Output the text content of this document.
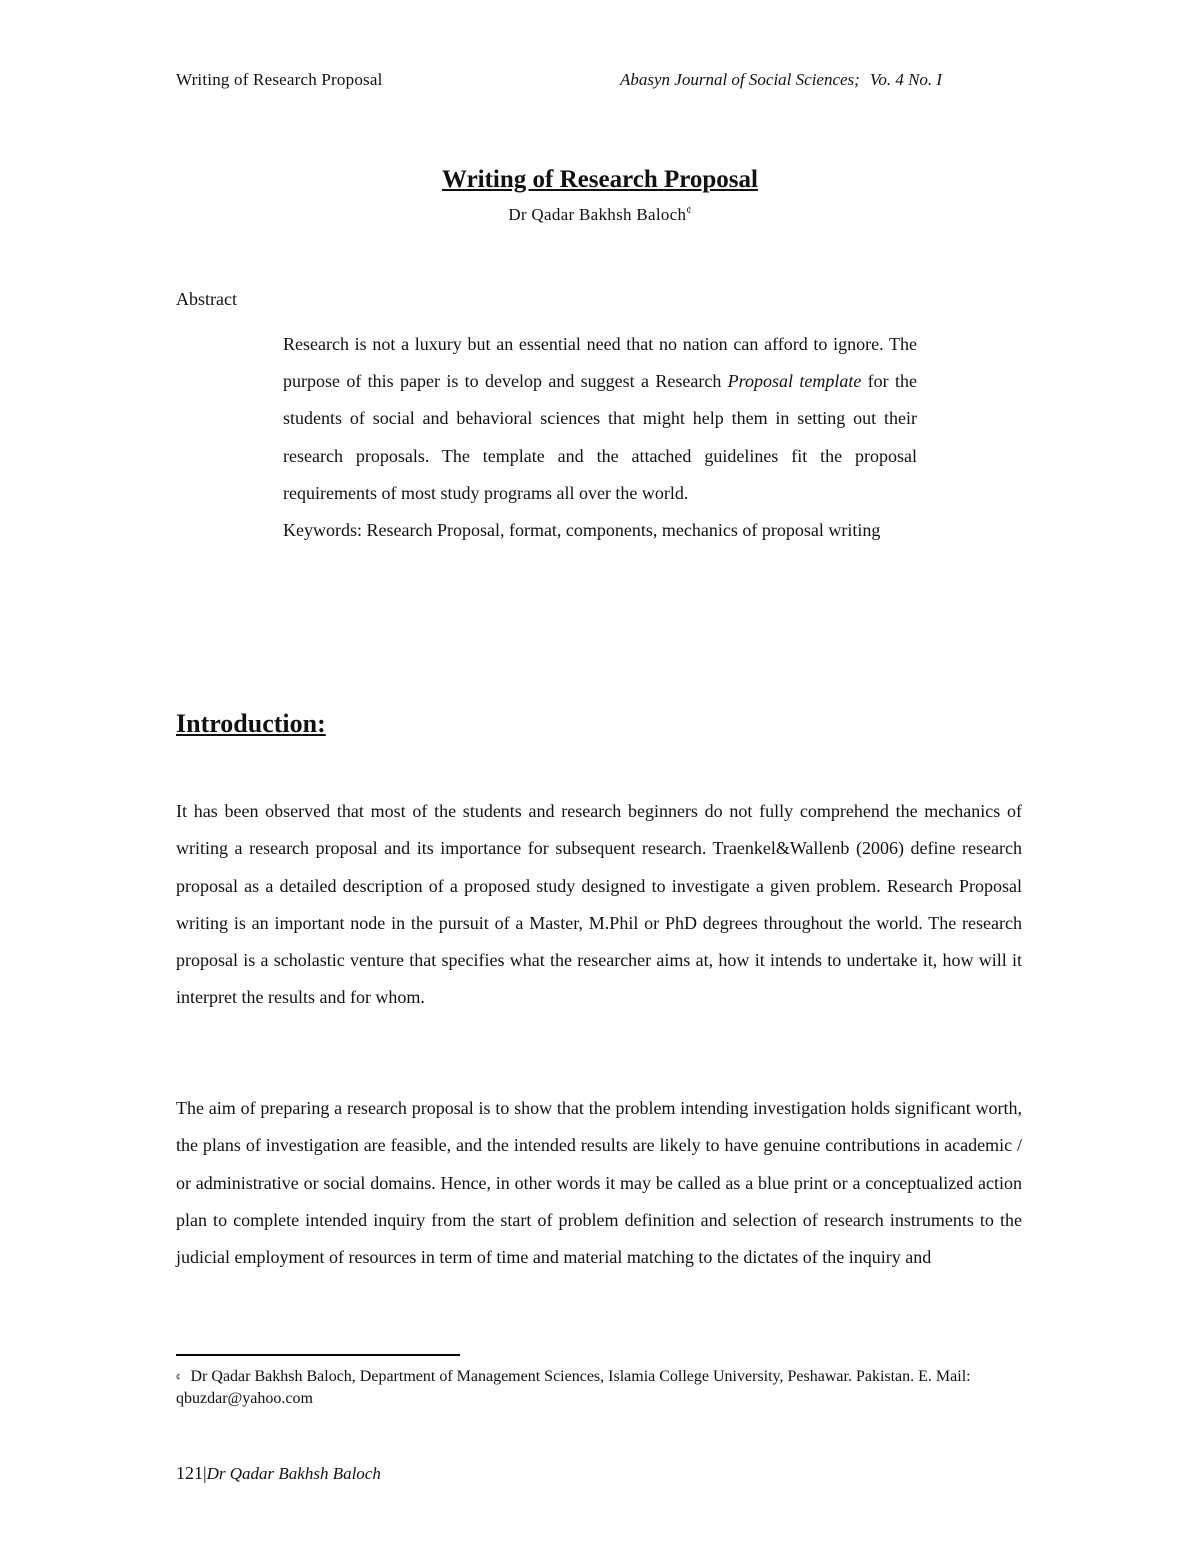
Writing of Research Proposal	Abasyn Journal of Social Sciences; Vo. 4 No. I
Writing of Research Proposal
Dr Qadar Bakhsh Baloch¢
Abstract
Research is not a luxury but an essential need that no nation can afford to ignore. The purpose of this paper is to develop and suggest a Research Proposal template for the students of social and behavioral sciences that might help them in setting out their research proposals. The template and the attached guidelines fit the proposal requirements of most study programs all over the world.
Keywords: Research Proposal, format, components, mechanics of proposal writing
Introduction:
It has been observed that most of the students and research beginners do not fully comprehend the mechanics of writing a research proposal and its importance for subsequent research. Traenkel&Wallenb (2006) define research proposal as a detailed description of a proposed study designed to investigate a given problem. Research Proposal writing is an important node in the pursuit of a Master, M.Phil or PhD degrees throughout the world. The research proposal is a scholastic venture that specifies what the researcher aims at, how it intends to undertake it, how will it interpret the results and for whom.
The aim of preparing a research proposal is to show that the problem intending investigation holds significant worth, the plans of investigation are feasible, and the intended results are likely to have genuine contributions in academic / or administrative or social domains. Hence, in other words it may be called as a blue print or a conceptualized action plan to complete intended inquiry from the start of problem definition and selection of research instruments to the judicial employment of resources in term of time and material matching to the dictates of the inquiry and
¢ Dr Qadar Bakhsh Baloch, Department of Management Sciences, Islamia College University, Peshawar. Pakistan. E. Mail: qbuzdar@yahoo.com
121|Dr Qadar Bakhsh Baloch
